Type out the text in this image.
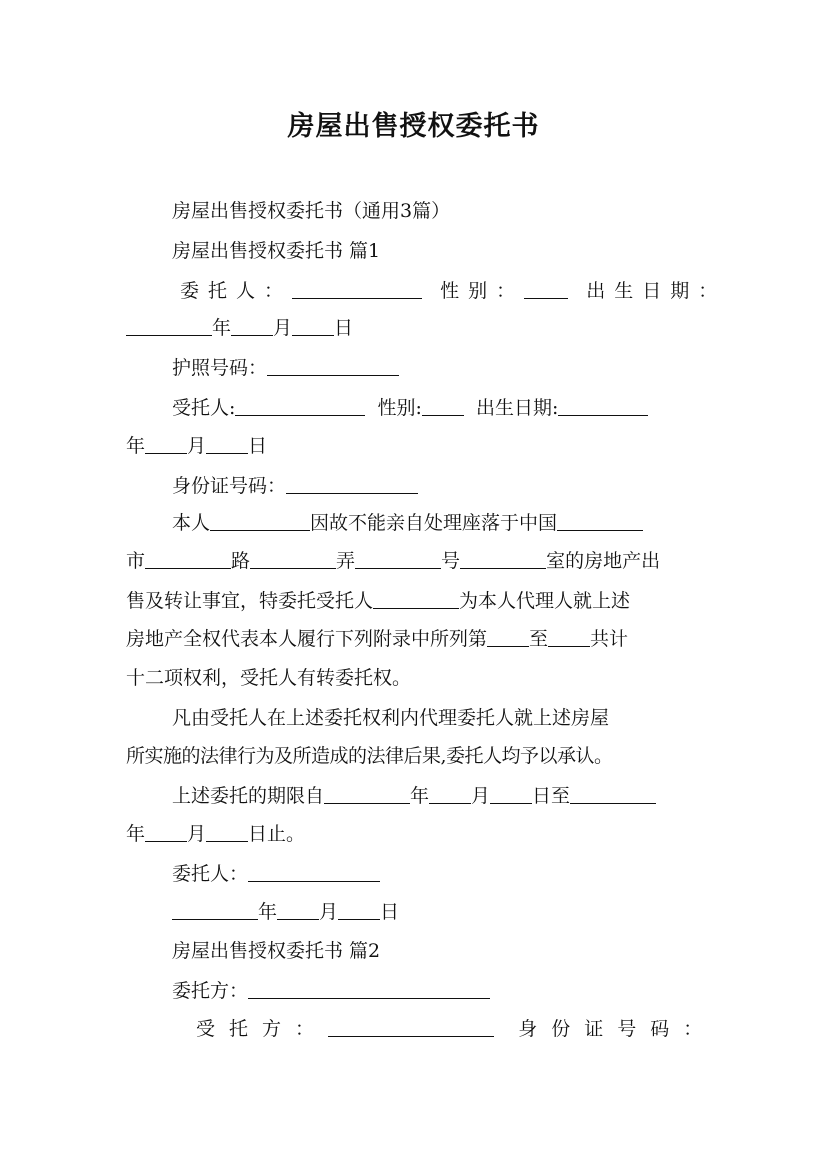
房屋出售授权委托书
房屋出售授权委托书（通用3篇）
房屋出售授权委托书 篇1
委托人：	性别：	出生日期：
年 月 日
护照号码：
受托人:	性别:	出生日期:
年 月 日
身份证号码：
本人	因故不能亲自处理座落于中国
市	路	弄	号	室的房地产出
售及转让事宜，特委托受托人	为本人代理人就上述
房地产全权代表本人履行下列附录中所列第 至 共计
十二项权利，受托人有转委托权。
凡由受托人在上述委托权利内代理委托人就上述房屋
所实施的法律行为及所造成的法律后果,委托人均予以承认。
上述委托的期限自	年 月 日至
年 月 日止。
委托人：
年 月 日
房屋出售授权委托书 篇2
委托方：
受托方：	身份证号码：
